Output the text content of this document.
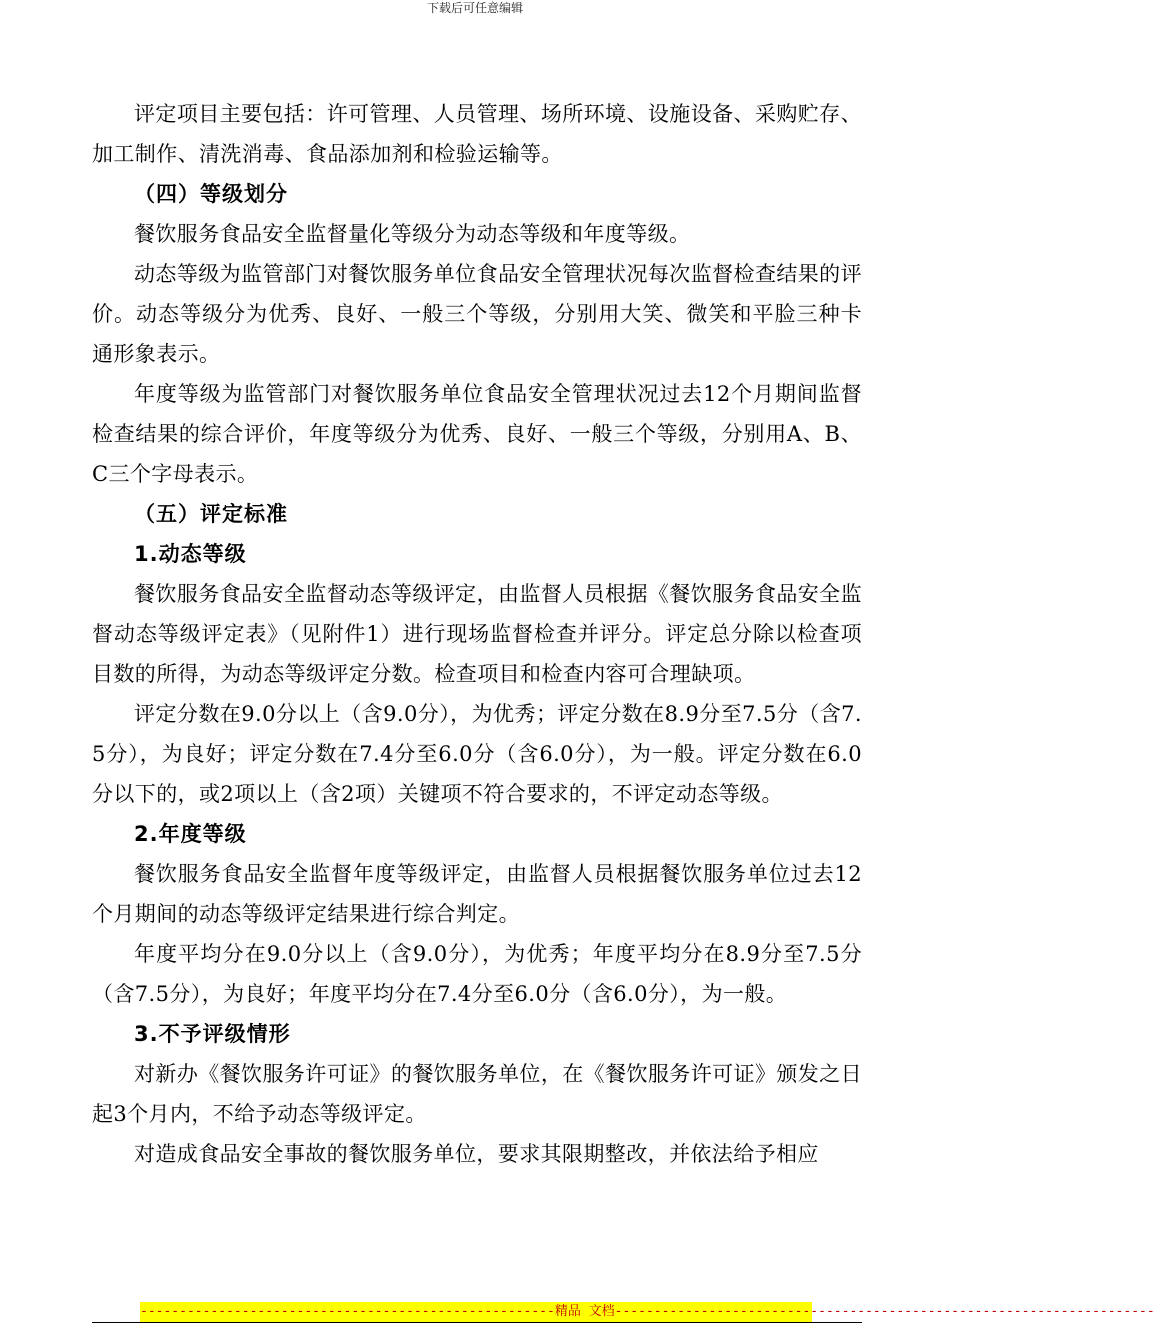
下载后可任意编辑

评定项目主要包括：许可管理、人员管理、场所环境、设施设备、采购贮存、加工制作、清洗消毒、食品添加剂和检验运输等。

（四）等级划分

餐饮服务食品安全监督量化等级分为动态等级和年度等级。

动态等级为监管部门对餐饮服务单位食品安全管理状况每次监督检查结果的评价。动态等级分为优秀、良好、一般三个等级，分别用大笑、微笑和平脸三种卡通形象表示。

年度等级为监管部门对餐饮服务单位食品安全管理状况过去12个月期间监督检查结果的综合评价，年度等级分为优秀、良好、一般三个等级，分别用A、B、C三个字母表示。

（五）评定标准

1.动态等级

餐饮服务食品安全监督动态等级评定，由监督人员根据《餐饮服务食品安全监督动态等级评定表》（见附件1）进行现场监督检查并评分。评定总分除以检查项目数的所得，为动态等级评定分数。检查项目和检查内容可合理缺项。

评定分数在9.0分以上（含9.0分），为优秀；评定分数在8.9分至7.5分（含7.5分），为良好；评定分数在7.4分至6.0分（含6.0分），为一般。评定分数在6.0分以下的，或2项以上（含2项）关键项不符合要求的，不评定动态等级。

2.年度等级

餐饮服务食品安全监督年度等级评定，由监督人员根据餐饮服务单位过去12个月期间的动态等级评定结果进行综合判定。

年度平均分在9.0分以上（含9.0分），为优秀；年度平均分在8.9分至7.5分（含7.5分），为良好；年度平均分在7.4分至6.0分（含6.0分），为一般。

3.不予评级情形

对新办《餐饮服务许可证》的餐饮服务单位，在《餐饮服务许可证》颁发之日起3个月内，不给予动态等级评定。

对造成食品安全事故的餐饮服务单位，要求其限期整改，并依法给予相应

-----------------------------------------------------精品 文档---------------------------------------------------------------------
